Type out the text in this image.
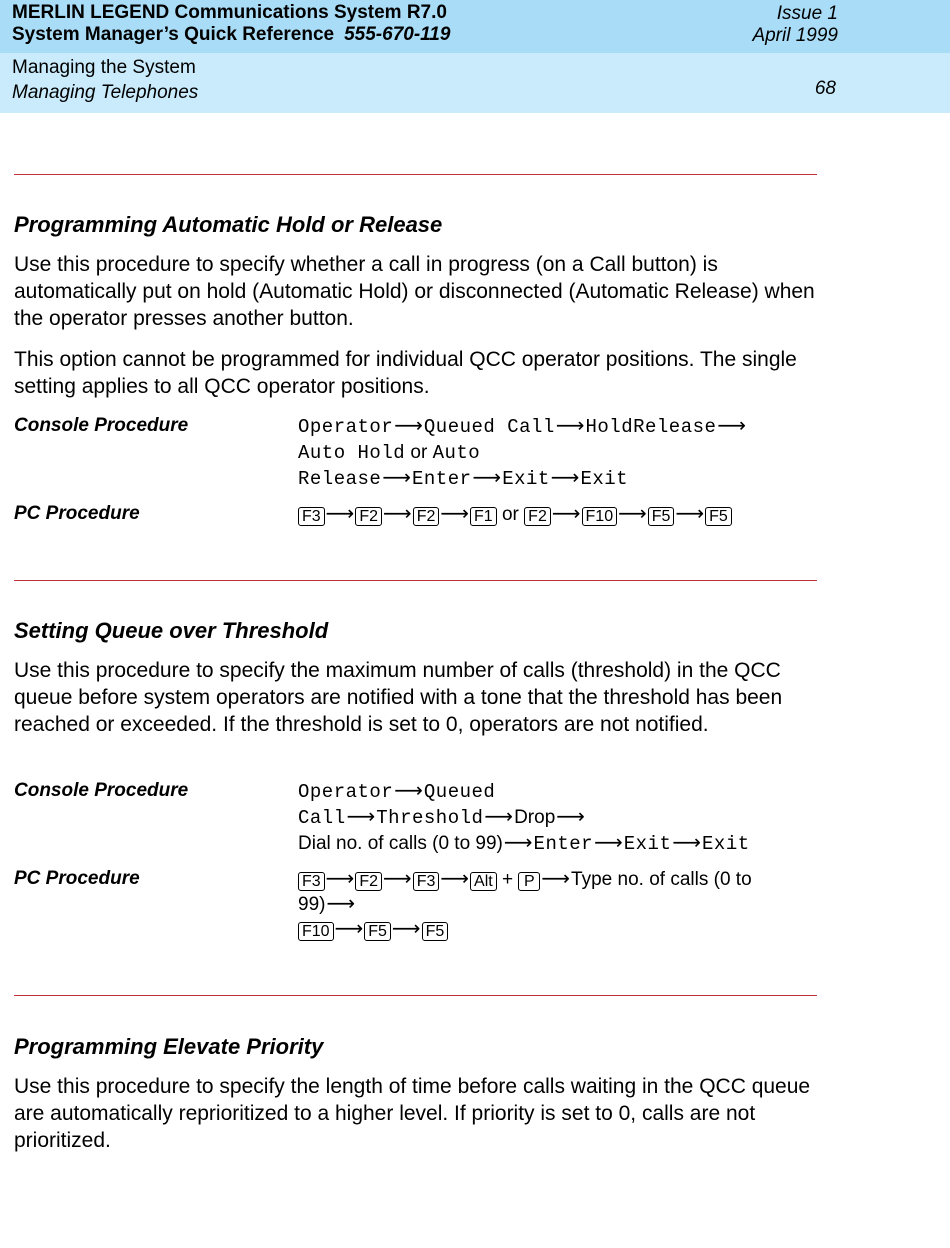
MERLIN LEGEND Communications System R7.0
System Manager’s Quick Reference 555-670-119
Issue 1
April 1999
Managing the System
Managing Telephones	68
Programming Automatic Hold or Release
Use this procedure to specify whether a call in progress (on a Call button) is automatically put on hold (Automatic Hold) or disconnected (Automatic Release) when the operator presses another button.
This option cannot be programmed for individual QCC operator positions. The single setting applies to all QCC operator positions.
Console Procedure	Operator⟶Queued Call⟶HoldRelease⟶
Auto Hold or Auto
Release⟶Enter⟶Exit⟶Exit
PC Procedure	F3 ⟶ F2 ⟶ F2 ⟶ F1 or F2 ⟶ F10 ⟶ F5 ⟶ F5
Setting Queue over Threshold
Use this procedure to specify the maximum number of calls (threshold) in the QCC queue before system operators are notified with a tone that the threshold has been reached or exceeded. If the threshold is set to 0, operators are not notified.
Console Procedure	Operator⟶Queued
Call⟶Threshold⟶Drop⟶
Dial no. of calls (0 to 99)⟶Enter⟶Exit⟶Exit
PC Procedure	F3 ⟶ F2 ⟶ F3 ⟶ Alt + P ⟶Type no. of calls (0 to
99)⟶
F10 ⟶ F5 ⟶ F5
Programming Elevate Priority
Use this procedure to specify the length of time before calls waiting in the QCC queue are automatically reprioritized to a higher level. If priority is set to 0, calls are not prioritized.
